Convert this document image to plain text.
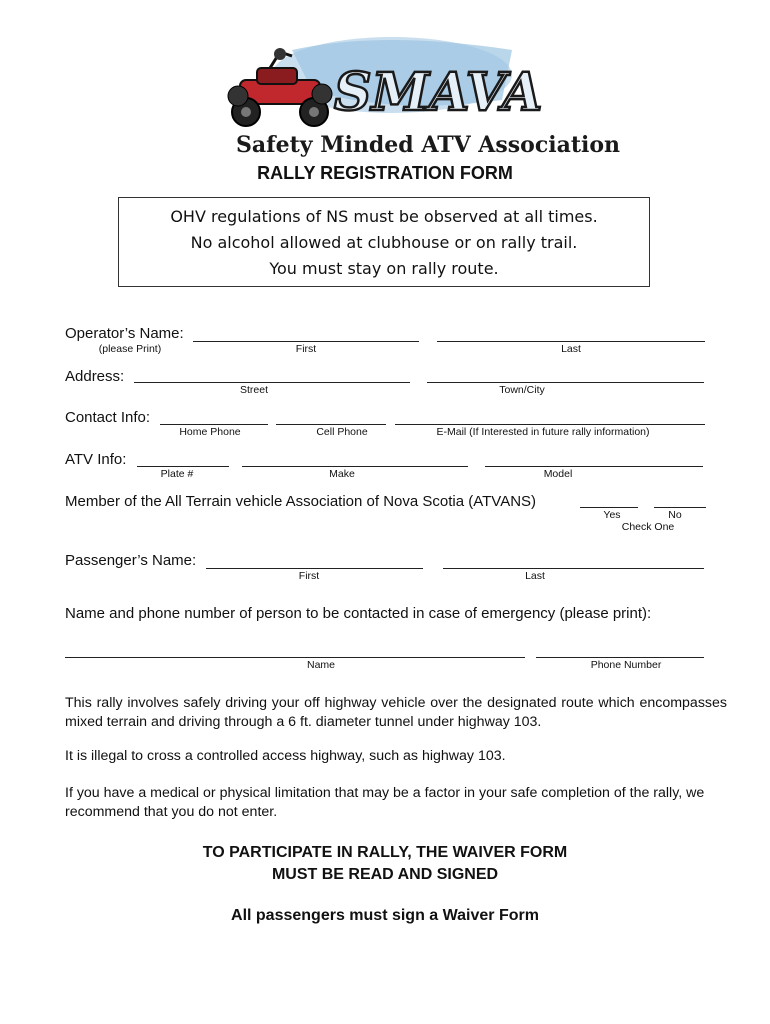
SMAVA
Safety Minded ATV Association
RALLY REGISTRATION FORM
OHV regulations of NS must be observed at all times.
No alcohol allowed at clubhouse or on rally trail.
You must stay on rally route.
Operator’s Name:
(please Print)	First	Last
Address:
Street	Town/City
Contact Info:
Home Phone	Cell Phone	E-Mail (If Interested in future rally information)
ATV Info:
Plate #	Make	Model
Member of the All Terrain vehicle Association of Nova Scotia (ATVANS)
Yes	No
Check One
Passenger’s Name:
First	Last
Name and phone number of person to be contacted in case of emergency (please print):
Name	Phone Number
This rally involves safely driving your off highway vehicle over the designated route which encompasses mixed terrain and driving through a 6 ft. diameter tunnel under highway 103.
It is illegal to cross a controlled access highway, such as highway 103.
If you have a medical or physical limitation that may be a factor in your safe completion of the rally, we recommend that you do not enter.
TO PARTICIPATE IN RALLY, THE WAIVER FORM
MUST BE READ AND SIGNED
All passengers must sign a Waiver Form
